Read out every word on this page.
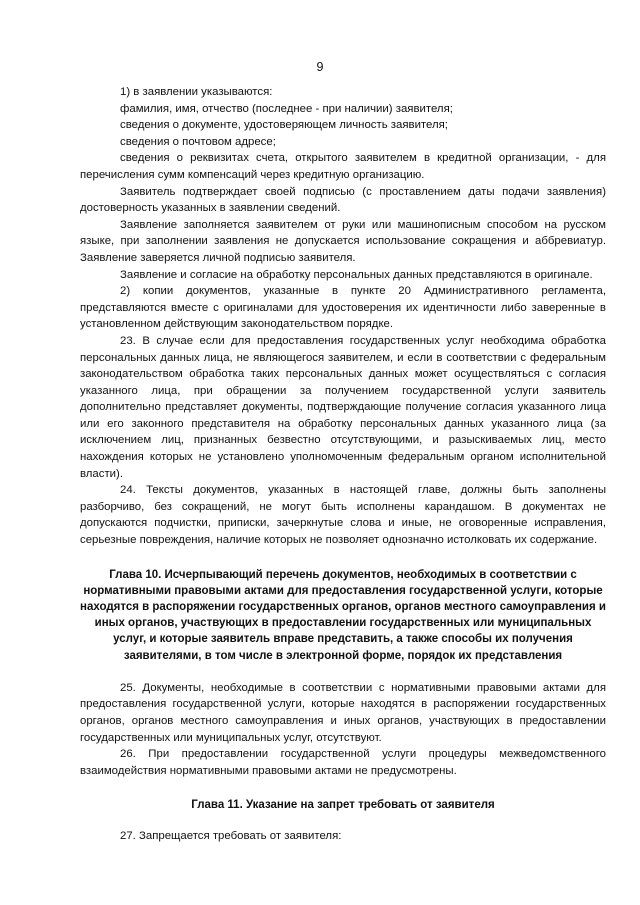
9

1) в заявлении указываются:

фамилия, имя, отчество (последнее - при наличии) заявителя;

сведения о документе, удостоверяющем личность заявителя;

сведения о почтовом адресе;

сведения о реквизитах счета, открытого заявителем в кредитной организации, - для перечисления сумм компенсаций через кредитную организацию.

Заявитель подтверждает своей подписью (с проставлением даты подачи заявления) достоверность указанных в заявлении сведений.

Заявление заполняется заявителем от руки или машинописным способом на русском языке, при заполнении заявления не допускается использование сокращения и аббревиатур. Заявление заверяется личной подписью заявителя.

Заявление и согласие на обработку персональных данных представляются в оригинале.

2) копии документов, указанные в пункте 20 Административного регламента, представляются вместе с оригиналами для удостоверения их идентичности либо заверенные в установленном действующим законодательством порядке.

23. В случае если для предоставления государственных услуг необходима обработка персональных данных лица, не являющегося заявителем, и если в соответствии с федеральным законодательством обработка таких персональных данных может осуществляться с согласия указанного лица, при обращении за получением государственной услуги заявитель дополнительно представляет документы, подтверждающие получение согласия указанного лица или его законного представителя на обработку персональных данных указанного лица (за исключением лиц, признанных безвестно отсутствующими, и разыскиваемых лиц, место нахождения которых не установлено уполномоченным федеральным органом исполнительной власти).

24. Тексты документов, указанных в настоящей главе, должны быть заполнены разборчиво, без сокращений, не могут быть исполнены карандашом. В документах не допускаются подчистки, приписки, зачеркнутые слова и иные, не оговоренные исправления, серьезные повреждения, наличие которых не позволяет однозначно истолковать их содержание.

Глава 10. Исчерпывающий перечень документов, необходимых в соответствии с нормативными правовыми актами для предоставления государственной услуги, которые находятся в распоряжении государственных органов, органов местного самоуправления и иных органов, участвующих в предоставлении государственных или муниципальных услуг, и которые заявитель вправе представить, а также способы их получения заявителями, в том числе в электронной форме, порядок их представления

25. Документы, необходимые в соответствии с нормативными правовыми актами для предоставления государственной услуги, которые находятся в распоряжении государственных органов, органов местного самоуправления и иных органов, участвующих в предоставлении государственных или муниципальных услуг, отсутствуют.

26. При предоставлении государственной услуги процедуры межведомственного взаимодействия нормативными правовыми актами не предусмотрены.

Глава 11. Указание на запрет требовать от заявителя

27. Запрещается требовать от заявителя:
